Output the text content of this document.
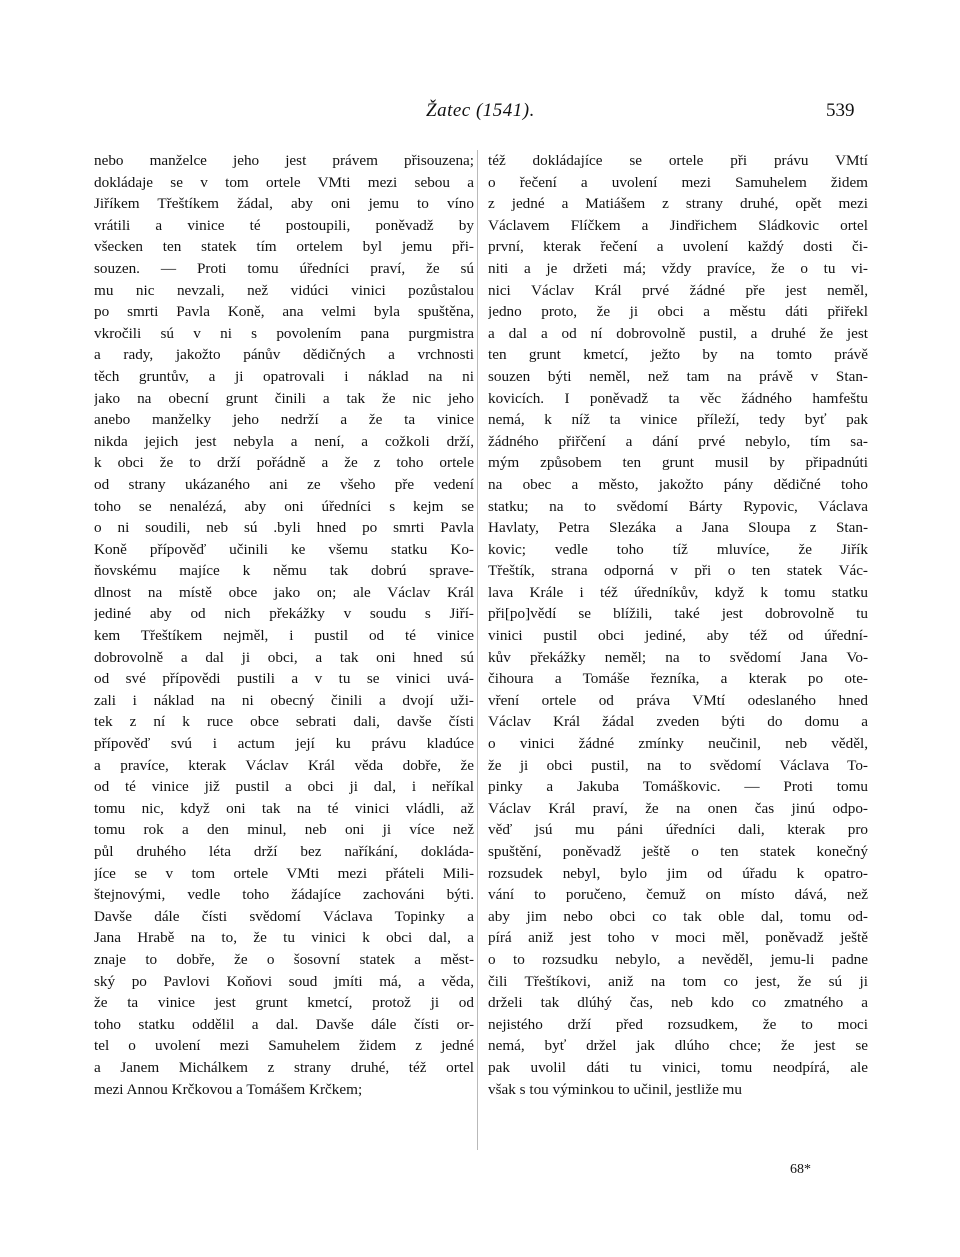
Žatec (1541).	539
nebo manželce jeho jest právem přisouzena;
dokládaje se v tom ortele VMti mezi sebou a
Jiříkem Třeštíkem žádal, aby oni jemu to víno
vrátili a vinice té postoupili, poněvadž by
všecken ten statek tím ortelem byl jemu při-
souzen. — Proti tomu úředníci praví, že sú
mu nic nevzali, než vidúci vinici pozůstalou
po smrti Pavla Koně, ana velmi byla spuštěna,
vkročili sú v ni s povolením pana purgmistra
a rady, jakožto pánův dědičných a vrchnosti
těch gruntův, a ji opatrovali i náklad na ni
jako na obecní grunt činili a tak že nic jeho
anebo manželky jeho nedrží a že ta vinice
nikda jejich jest nebyla a není, a cožkoli drží,
k obci že to drží pořádně a že z toho ortele
od strany ukázaného ani ze všeho pře vedení
toho se nenalézá, aby oni úředníci s kejm se
o ni soudili, neb sú .byli hned po smrti Pavla
Koně přípověď učinili ke všemu statku Ko-
ňovskému majíce k němu tak dobrú sprave-
dlnost na místě obce jako on; ale Václav Král
jediné aby od nich překážky v soudu s Jiří-
kem Třeštíkem nejměl, i pustil od té vinice
dobrovolně a dal ji obci, a tak oni hned sú
od své přípovědi pustili a v tu se vinici uvá-
zali i náklad na ni obecný činili a dvojí uži-
tek z ní k ruce obce sebrati dali, davše čísti
přípověď svú i actum její ku právu kladúce
a pravíce, kterak Václav Král věda dobře, že
od té vinice již pustil a obci ji dal, i neříkal
tomu nic, když oni tak na té vinici vládli, až
tomu rok a den minul, neb oni ji více než
půl druhého léta drží bez naříkání, dokláda-
jíce se v tom ortele VMti mezi přáteli Mili-
štejnovými, vedle toho žádajíce zachováni býti.
Davše dále čísti svědomí Václava Topinky a
Jana Hrabě na to, že tu vinici k obci dal, a
znaje to dobře, že o šosovní statek a měst-
ský po Pavlovi Koňovi soud jmíti má, a věda,
že ta vinice jest grunt kmetcí, protož ji od
toho statku oddělil a dal. Davše dále čísti or-
tel o uvolení mezi Samuhelem židem z jedné
a Janem Michálkem z strany druhé, též ortel
mezi Annou Krčkovou a Tomášem Krčkem;
též dokládajíce se ortele při právu VMtí
o řečení a uvolení mezi Samuhelem židem
z jedné a Matiášem z strany druhé, opět mezi
Václavem Flíčkem a Jindřichem Sládkovic ortel
první, kterak řečení a uvolení každý dosti či-
niti a je držeti má; vždy pravíce, že o tu vi-
nici Václav Král prvé žádné pře jest neměl,
jedno proto, že ji obci a městu dáti přiřekl
a dal a od ní dobrovolně pustil, a druhé že jest
ten grunt kmetcí, ježto by na tomto právě
souzen býti neměl, než tam na právě v Stan-
kovicích. I poněvadž ta věc žádného hamfeštu
nemá, k níž ta vinice příleží, tedy byť pak
žádného přiřčení a dání prvé nebylo, tím sa-
mým způsobem ten grunt musil by připadnúti
na obec a město, jakožto pány dědičné toho
statku; na to svědomí Bárty Rypovic, Václava
Havlaty, Petra Slezáka a Jana Sloupa z Stan-
kovic; vedle toho tíž mluvíce, že Jiřík
Třeštík, strana odporná v při o ten statek Vác-
lava Krále i též úředníkův, když k tomu statku
při[po]vědí se blížili, také jest dobrovolně tu
vinici pustil obci jediné, aby též od úřední-
kův překážky neměl; na to svědomí Jana Vo-
čihoura a Tomáše řezníka, a kterak po ote-
vření ortele od práva VMtí odeslaného hned
Václav Král žádal zveden býti do domu a
o vinici žádné zmínky neučinil, neb věděl,
že ji obci pustil, na to svědomí Václava To-
pinky a Jakuba Tomáškovic. — Proti tomu
Václav Král praví, že na onen čas jinú odpo-
věď jsú mu páni úředníci dali, kterak pro
spuštění, poněvadž ještě o ten statek konečný
rozsudek nebyl, bylo jim od úřadu k opatro-
vání to poručeno, čemuž on místo dává, než
aby jim nebo obci co tak oble dal, tomu od-
pírá aniž jest toho v moci měl, poněvadž ještě
o to rozsudku nebylo, a nevěděl, jemu-li padne
čili Třeštíkovi, aniž na tom co jest, že sú ji
drželi tak dlúhý čas, neb kdo co zmatného a
nejistého drží před rozsudkem, že to moci
nemá, byť držel jak dlúho chce; že jest se
pak uvolil dáti tu vinici, tomu neodpírá, ale
však s tou výminkou to učinil, jestliže mu
68*
